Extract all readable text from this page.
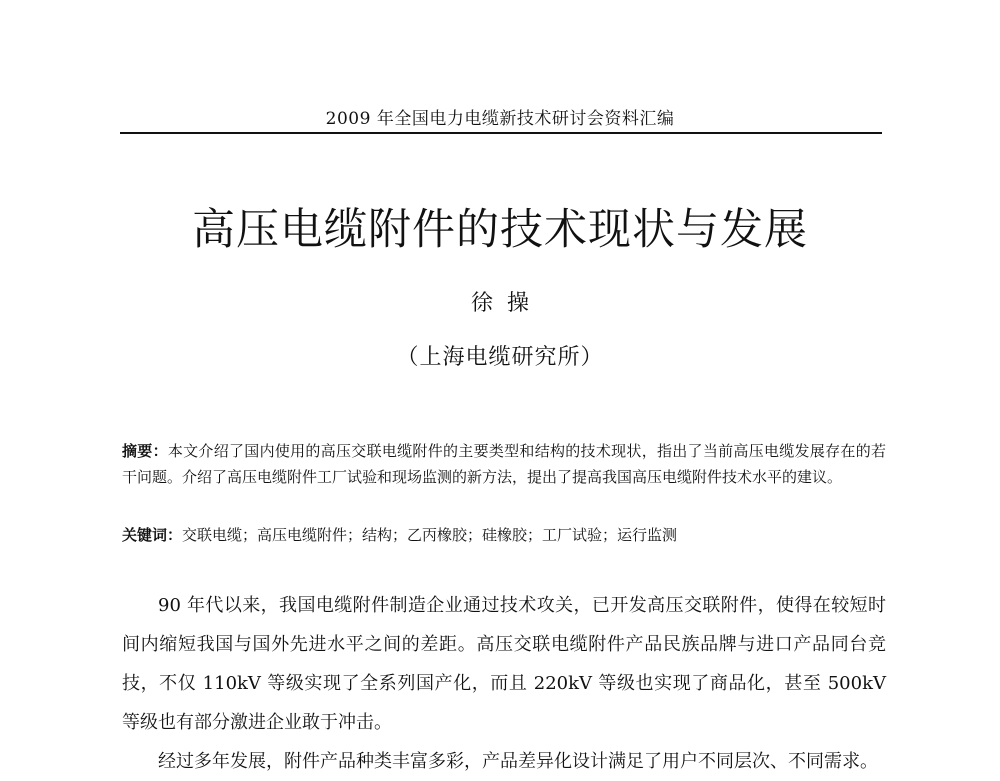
2009 年全国电力电缆新技术研讨会资料汇编
高压电缆附件的技术现状与发展
徐操
（上海电缆研究所）
摘要：本文介绍了国内使用的高压交联电缆附件的主要类型和结构的技术现状，指出了当前高压电缆发展存在的若干问题。介绍了高压电缆附件工厂试验和现场监测的新方法，提出了提高我国高压电缆附件技术水平的建议。
关键词：交联电缆；高压电缆附件；结构；乙丙橡胶；硅橡胶；工厂试验；运行监测

90 年代以来，我国电缆附件制造企业通过技术攻关，已开发高压交联附件，使得在较短时间内缩短我国与国外先进水平之间的差距。高压交联电缆附件产品民族品牌与进口产品同台竞技，不仅 110kV 等级实现了全系列国产化，而且 220kV 等级也实现了商品化，甚至 500kV 等级也有部分激进企业敢于冲击。

经过多年发展，附件产品种类丰富多彩，产品差异化设计满足了用户不同层次、不同需求。
